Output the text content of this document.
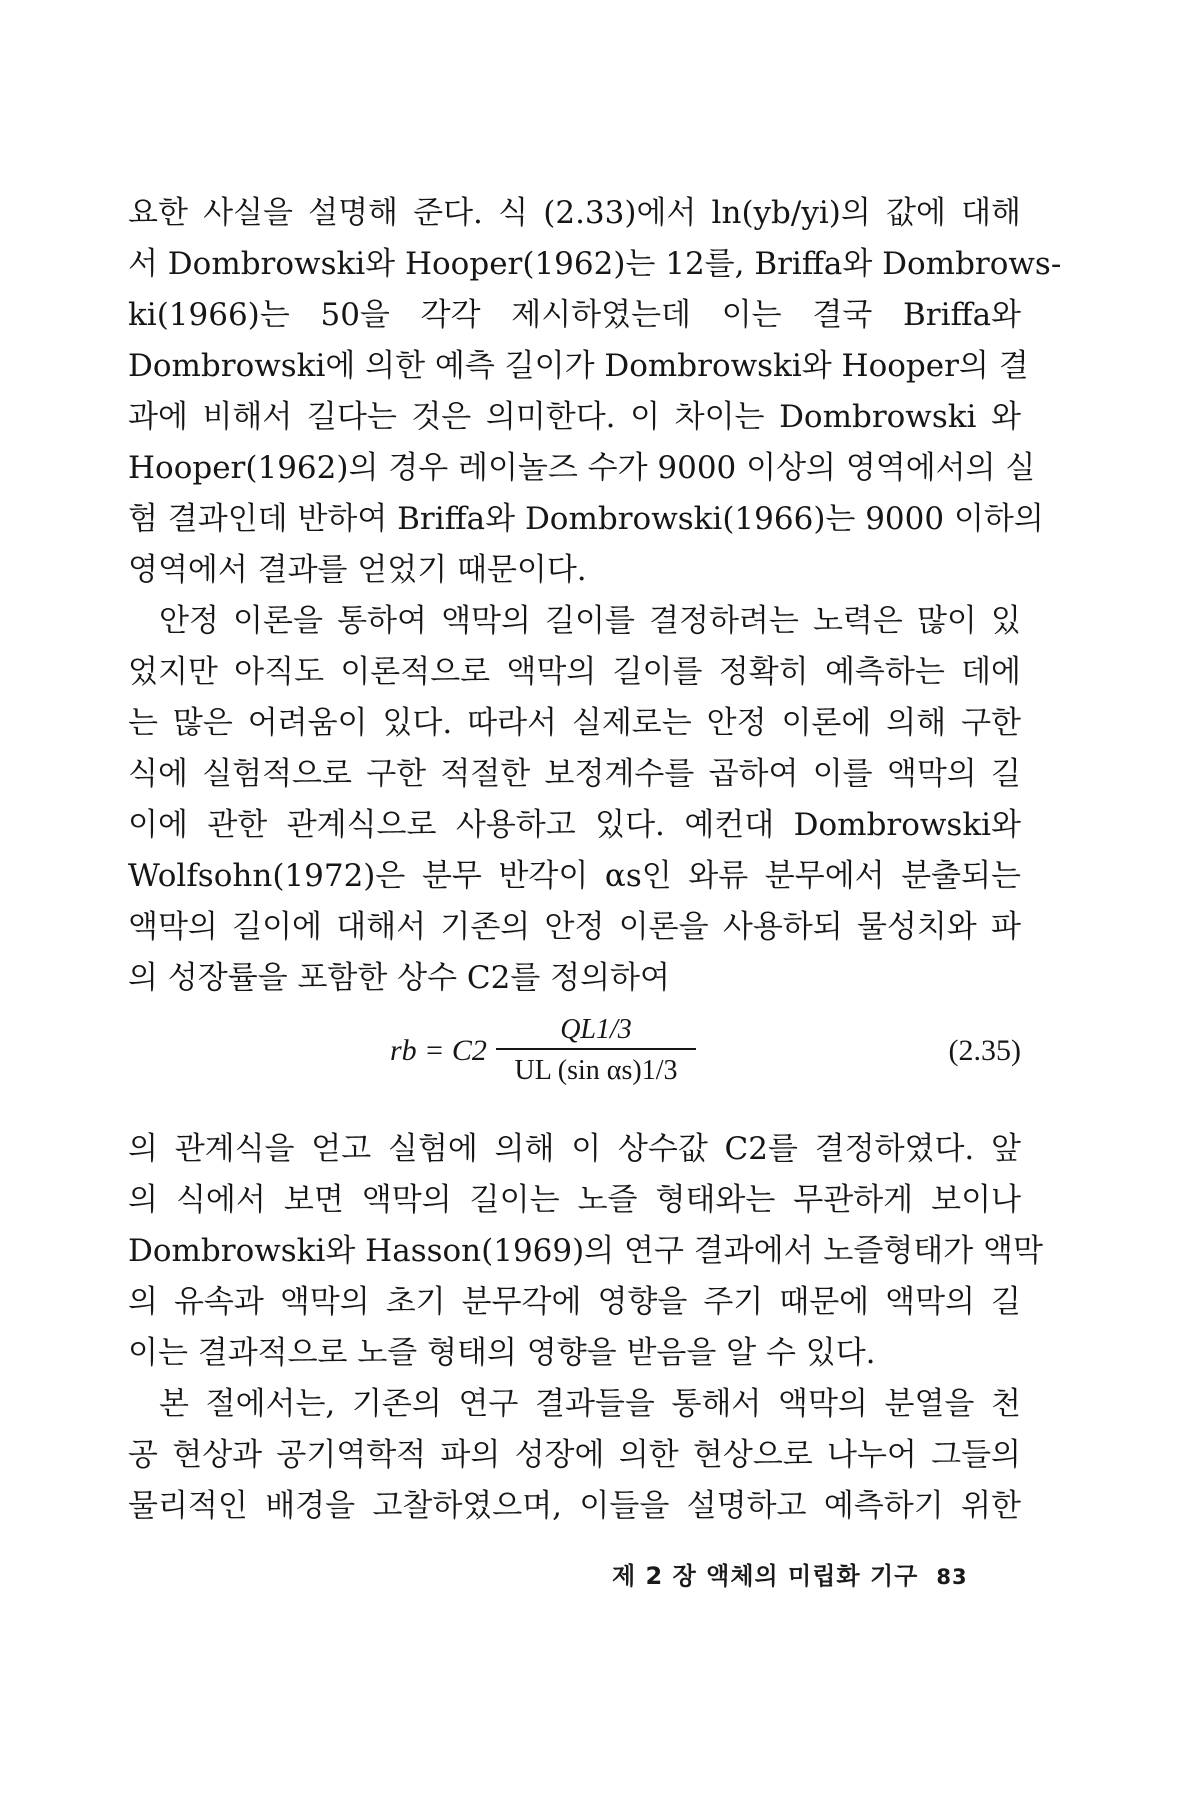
요한 사실을 설명해 준다. 식 (2.33)에서 ln(yb/yi)의 값에 대해
서 Dombrowski와 Hooper(1962)는 12를, Briffa와 Dombrows-
ki(1966)는 50을 각각 제시하였는데 이는 결국 Briffa와
Dombrowski에 의한 예측 길이가 Dombrowski와 Hooper의 결
과에 비해서 길다는 것은 의미한다. 이 차이는 Dombrowski 와
Hooper(1962)의 경우 레이놀즈 수가 9000 이상의 영역에서의 실
험 결과인데 반하여 Briffa와 Dombrowski(1966)는 9000 이하의
영역에서 결과를 얻었기 때문이다.
안정 이론을 통하여 액막의 길이를 결정하려는 노력은 많이 있
었지만 아직도 이론적으로 액막의 길이를 정확히 예측하는 데에
는 많은 어려움이 있다. 따라서 실제로는 안정 이론에 의해 구한
식에 실험적으로 구한 적절한 보정계수를 곱하여 이를 액막의 길
이에 관한 관계식으로 사용하고 있다. 예컨대 Dombrowski와
Wolfsohn(1972)은 분무 반각이 αs인 와류 분무에서 분출되는
액막의 길이에 대해서 기존의 안정 이론을 사용하되 물성치와 파
의 성장률을 포함한 상수 C2를 정의하여
rb = C2
QL1/3
UL (sin αs)1/3
(2.35)
의 관계식을 얻고 실험에 의해 이 상수값 C2를 결정하였다. 앞
의 식에서 보면 액막의 길이는 노즐 형태와는 무관하게 보이나
Dombrowski와 Hasson(1969)의 연구 결과에서 노즐형태가 액막
의 유속과 액막의 초기 분무각에 영향을 주기 때문에 액막의 길
이는 결과적으로 노즐 형태의 영향을 받음을 알 수 있다.
본 절에서는, 기존의 연구 결과들을 통해서 액막의 분열을 천
공 현상과 공기역학적 파의 성장에 의한 현상으로 나누어 그들의
물리적인 배경을 고찰하였으며, 이들을 설명하고 예측하기 위한
제 2 장 액체의 미립화 기구 83
